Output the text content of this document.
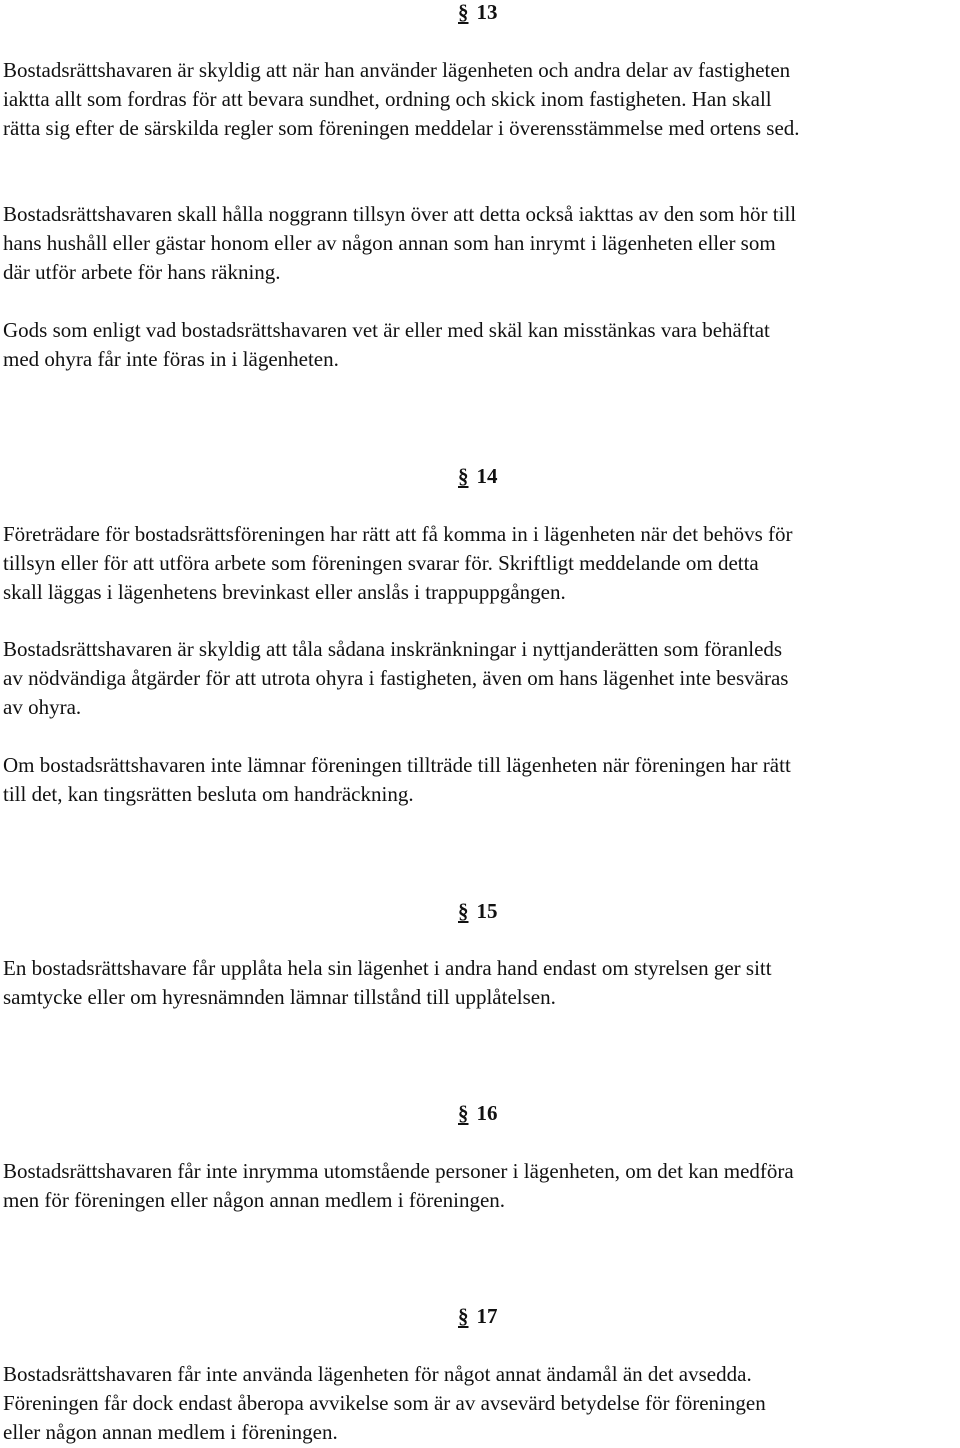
§ 13

Bostadsrättshavaren är skyldig att när han använder lägenheten och andra delar av fastigheten
iaktta allt som fordras för att bevara sundhet, ordning och skick inom fastigheten. Han skall
rätta sig efter de särskilda regler som föreningen meddelar i överensstämmelse med ortens sed.

Bostadsrättshavaren skall hålla noggrann tillsyn över att detta också iakttas av den som hör till
hans hushåll eller gästar honom eller av någon annan som han inrymt i lägenheten eller som
där utför arbete för hans räkning.

Gods som enligt vad bostadsrättshavaren vet är eller med skäl kan misstänkas vara behäftat
med ohyra får inte föras in i lägenheten.

§ 14

Företrädare för bostadsrättsföreningen har rätt att få komma in i lägenheten när det behövs för
tillsyn eller för att utföra arbete som föreningen svarar för. Skriftligt meddelande om detta
skall läggas i lägenhetens brevinkast eller anslås i trappuppgången.

Bostadsrättshavaren är skyldig att tåla sådana inskränkningar i nyttjanderätten som föranleds
av nödvändiga åtgärder för att utrota ohyra i fastigheten, även om hans lägenhet inte besväras
av ohyra.

Om bostadsrättshavaren inte lämnar föreningen tillträde till lägenheten när föreningen har rätt
till det, kan tingsrätten besluta om handräckning.

§ 15

En bostadsrättshavare får upplåta hela sin lägenhet i andra hand endast om styrelsen ger sitt
samtycke eller om hyresnämnden lämnar tillstånd till upplåtelsen.

§ 16

Bostadsrättshavaren får inte inrymma utomstående personer i lägenheten, om det kan medföra
men för föreningen eller någon annan medlem i föreningen.

§ 17

Bostadsrättshavaren får inte använda lägenheten för något annat ändamål än det avsedda.
Föreningen får dock endast åberopa avvikelse som är av avsevärd betydelse för föreningen
eller någon annan medlem i föreningen.
